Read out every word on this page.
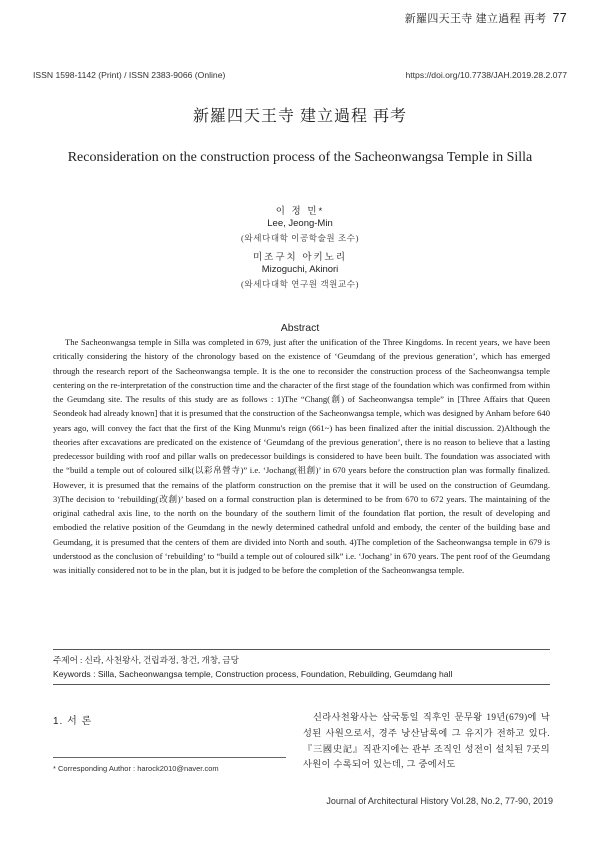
新羅四天王寺 建立過程 再考 77
ISSN 1598-1142 (Print) / ISSN 2383-9066 (Online)	https://doi.org/10.7738/JAH.2019.28.2.077
新羅四天王寺 建立過程 再考
Reconsideration on the construction process of the Sacheonwangsa Temple in Silla
이 정 민*
Lee, Jeong-Min
(와세다대학 이공학술원 조수)
미조구치 아키노리
Mizoguchi, Akinori
(와세다대학 연구원 객원교수)
Abstract

The Sacheonwangsa temple in Silla was completed in 679, just after the unification of the Three Kingdoms. In recent years, we have been critically considering the history of the chronology based on the existence of ‘Geumdang of the previous generation’, which has emerged through the research report of the Sacheonwangsa temple. It is the one to reconsider the construction process of the Sacheonwangsa temple centering on the re-interpretation of the construction time and the character of the first stage of the foundation which was confirmed from within the Geumdang site. The results of this study are as follows : 1)The “Chang(創) of Sacheonwangsa temple” in [Three Affairs that Queen Seondeok had already known] that it is presumed that the construction of the Sacheonwangsa temple, which was designed by Anham before 640 years ago, will convey the fact that the first of the King Munmu's reign (661~) has been finalized after the initial discussion. 2)Although the theories after excavations are predicated on the existence of ‘Geumdang of the previous generation’, there is no reason to believe that a lasting predecessor building with roof and pillar walls on predecessor buildings is considered to have been built. The foundation was associated with the “build a temple out of coloured silk(以彩帛營寺)” i.e. ‘Jochang(祖創)’ in 670 years before the construction plan was formally finalized. However, it is presumed that the remains of the platform construction on the premise that it will be used on the construction of Geumdang. 3)The decision to ‘rebuilding(改創)’ based on a formal construction plan is determined to be from 670 to 672 years. The maintaining of the original cathedral axis line, to the north on the boundary of the southern limit of the foundation flat portion, the result of developing and embodied the relative position of the Geumdang in the newly determined cathedral unfold and embody, the center of the building base and Geumdang, it is presumed that the centers of them are divided into North and south. 4)The completion of the Sacheonwangsa temple in 679 is understood as the conclusion of ‘rebuilding’ to “build a temple out of coloured silk” i.e. ‘Jochang’ in 670 years. The pent roof of the Geumdang was initially considered not to be in the plan, but it is judged to be before the completion of the Sacheonwangsa temple.

주제어 : 신라, 사천왕사, 건립과정, 창건, 개창, 금당
Keywords : Silla, Sacheonwangsa temple, Construction process, Foundation, Rebuilding, Geumdang hall
1. 서 론
* Corresponding Author : harock2010@naver.com

신라사천왕사는 삼국통일 직후인 문무왕 19년(679)에 낙성된 사원으로서, 경주 낭산남록에 그 유지가 전하고 있다. 『三國史記』직관지에는 관부 조직인 성전이 설치된 7곳의 사원이 수록되어 있는데, 그 중에서도

Journal of Architectural History Vol.28, No.2, 77-90, 2019
